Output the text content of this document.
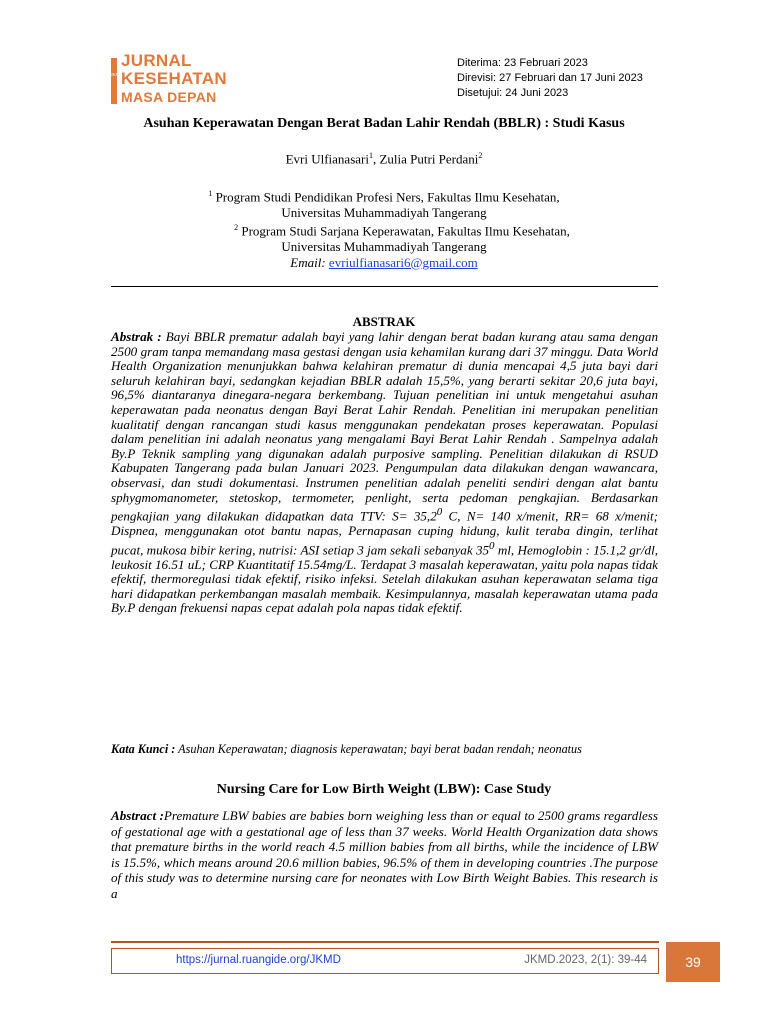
JKMD
JURNAL
KESEHATAN
MASA DEPAN
Diterima: 23 Februari 2023
Direvisi: 27 Februari dan 17 Juni 2023
Disetujui: 24 Juni 2023
Asuhan Keperawatan Dengan Berat Badan Lahir Rendah (BBLR) : Studi Kasus
Evri Ulfianasari$^1$, Zulia Putri Perdani$^2$
$^1$ Program Studi Pendidikan Profesi Ners, Fakultas Ilmu Kesehatan,
Universitas Muhammadiyah Tangerang
$^2$ Program Studi Sarjana Keperawatan, Fakultas Ilmu Kesehatan,
Universitas Muhammadiyah Tangerang
Email: evriulfianasari6@gmail.com
ABSTRAK
Abstrak : Bayi BBLR prematur adalah bayi yang lahir dengan berat badan kurang atau sama dengan 2500 gram tanpa memandang masa gestasi dengan usia kehamilan kurang dari 37 minggu. Data World Health Organization menunjukkan bahwa kelahiran prematur di dunia mencapai 4,5 juta bayi dari seluruh kelahiran bayi, sedangkan kejadian BBLR adalah 15,5%, yang berarti sekitar 20,6 juta bayi, 96,5% diantaranya dinegara-negara berkembang. Tujuan penelitian ini untuk mengetahui asuhan keperawatan pada neonatus dengan Bayi Berat Lahir Rendah. Penelitian ini merupakan penelitian kualitatif dengan rancangan studi kasus menggunakan pendekatan proses keperawatan. Populasi dalam penelitian ini adalah neonatus yang mengalami Bayi Berat Lahir Rendah . Sampelnya adalah By.P Teknik sampling yang digunakan adalah purposive sampling. Penelitian dilakukan di RSUD Kabupaten Tangerang pada bulan Januari 2023. Pengumpulan data dilakukan dengan wawancara, observasi, dan studi dokumentasi. Instrumen penelitian adalah peneliti sendiri dengan alat bantu sphygmomanometer, stetoskop, termometer, penlight, serta pedoman pengkajian. Berdasarkan pengkajian yang dilakukan didapatkan data TTV: $S= 35,2^0$ C, N= 140 x/menit, RR= 68 x/menit; Dispnea, menggunakan otot bantu napas, Pernapasan cuping hidung, kulit teraba dingin, terlihat pucat, mukosa bibir kering, nutrisi: ASI setiap 3 jam sekali sebanyak $35^0$ ml, Hemoglobin : 15.1,2 gr/dl, leukosit 16.51 uL; CRP Kuantitatif 15.54mg/L. Terdapat 3 masalah keperawatan, yaitu pola napas tidak efektif, thermoregulasi tidak efektif, risiko infeksi. Setelah dilakukan asuhan keperawatan selama tiga hari didapatkan perkembangan masalah membaik. Kesimpulannya, masalah keperawatan utama pada By.P dengan frekuensi napas cepat adalah pola napas tidak efektif.
Kata Kunci : Asuhan Keperawatan; diagnosis keperawatan; bayi berat badan rendah; neonatus
Nursing Care for Low Birth Weight (LBW): Case Study
Abstract :Premature LBW babies are babies born weighing less than or equal to 2500 grams regardless of gestational age with a gestational age of less than 37 weeks. World Health Organization data shows that premature births in the world reach 4.5 million babies from all births, while the incidence of LBW is 15.5%, which means around 20.6 million babies, 96.5% of them in developing countries .The purpose of this study was to determine nursing care for neonates with Low Birth Weight Babies. This research is a
https://jurnal.ruangide.org/JKMD	JKMD.2023, 2(1): 39-44	39
